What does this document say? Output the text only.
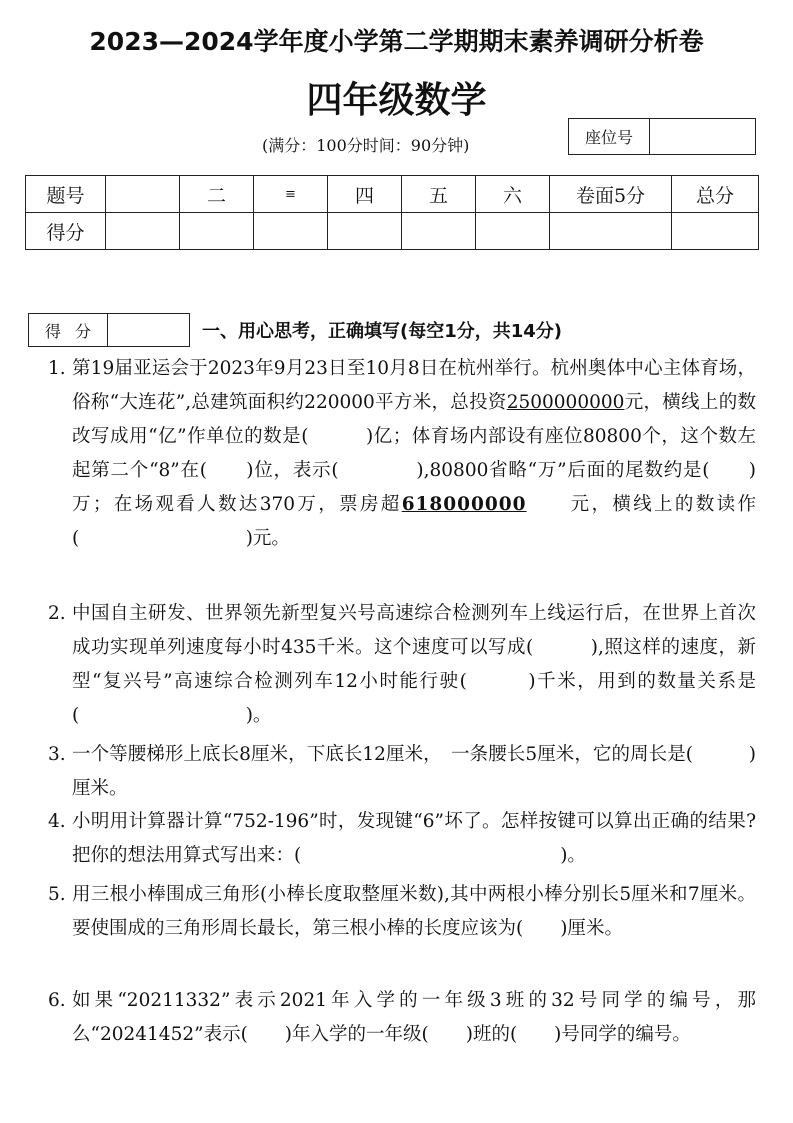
2023—2024学年度小学第二学期期末素养调研分析卷
四年级数学
(满分：100分时间：90分钟)	座位号
题号		二	≡	四	五	六	卷面5分	总分
得分								
得分	一、用心思考，正确填写(每空1分，共14分)
1. 第19届亚运会于2023年9月23日至10月8日在杭州举行。杭州奥体中心主体育场，俗称“大连花”,总建筑面积约220000平方米，总投资2500000000元，横线上的数改写成用“亿”作单位的数是(　　　)亿；体育场内部设有座位80800个，这个数左起第二个“8”在(　　)位，表示(　　　　),80800省略“万”后面的尾数约是(　　)万；在场观看人数达370万，票房超618000000　　元，横线上的数读作(　　　　　　　　　)元。
2. 中国自主研发、世界领先新型复兴号高速综合检测列车上线运行后，在世界上首次成功实现单列速度每小时435千米。这个速度可以写成(　　　),照这样的速度，新型“复兴号”高速综合检测列车12小时能行驶(　　　)千米，用到的数量关系是(　　　　　　　　　)。
3. 一个等腰梯形上底长8厘米，下底长12厘米，　一条腰长5厘米，它的周长是(　　　)厘米。
4. 小明用计算器计算“752-196”时，发现键“6”坏了。怎样按键可以算出正确的结果?把你的想法用算式写出来：(　　　　　　　　　　　　　　)。
5. 用三根小棒围成三角形(小棒长度取整厘米数),其中两根小棒分别长5厘米和7厘米。要使围成的三角形周长最长，第三根小棒的长度应该为(　　)厘米。
6. 如果“20211332”表示2021年入学的一年级3班的32号同学的编号，那么“20241452”表示(　　)年入学的一年级(　　)班的(　　)号同学的编号。
